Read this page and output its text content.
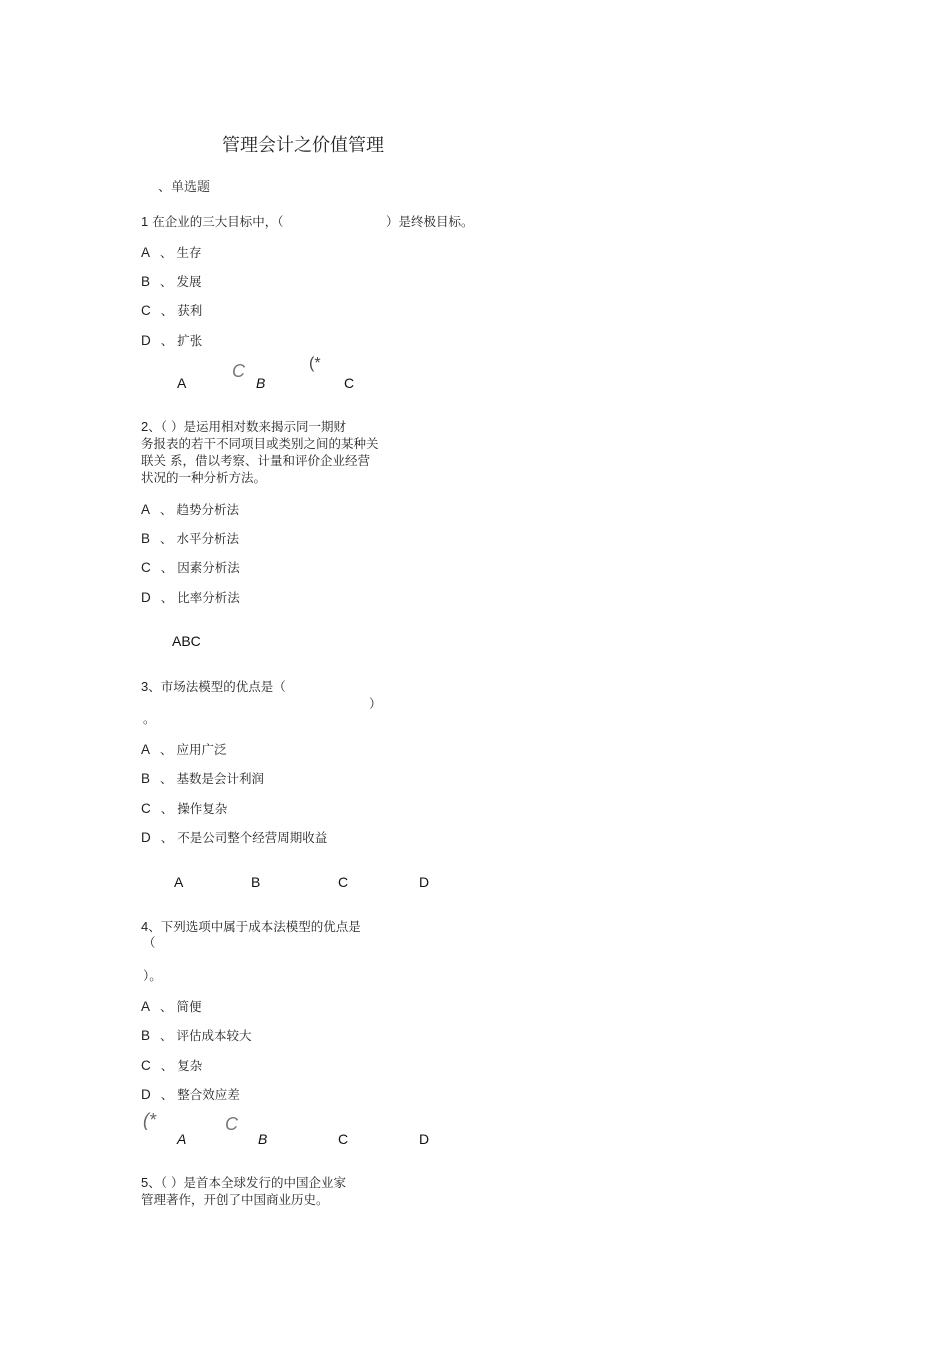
管理会计之价值管理
、单选题
1 在企业的三大目标中，（	）是终极目标。
A 、 生存
B 、 发展
C 、 获利
D 、 扩张
C	(*
A	B	C
2、（ ）是运用相对数来揭示同一期财
务报表的若干不同项目或类别之间的某种关
联关 系，借以考察、计量和评价企业经营
状况的一种分析方法。
A 、 趋势分析法
B 、 水平分析法
C 、 因素分析法
D 、 比率分析法
ABC
3、市场法模型的优点是（
）
。
A 、 应用广泛
B 、 基数是会计利润
C 、 操作复杂
D 、 不是公司整个经营周期收益
A	B	C	D
4、下列选项中属于成本法模型的优点是
（
）。
A 、 简便
B 、 评估成本较大
C 、 复杂
D 、 整合效应差
(*	C
A	B	C	D
5、（ ）是首本全球发行的中国企业家
管理著作，开创了中国商业历史。
